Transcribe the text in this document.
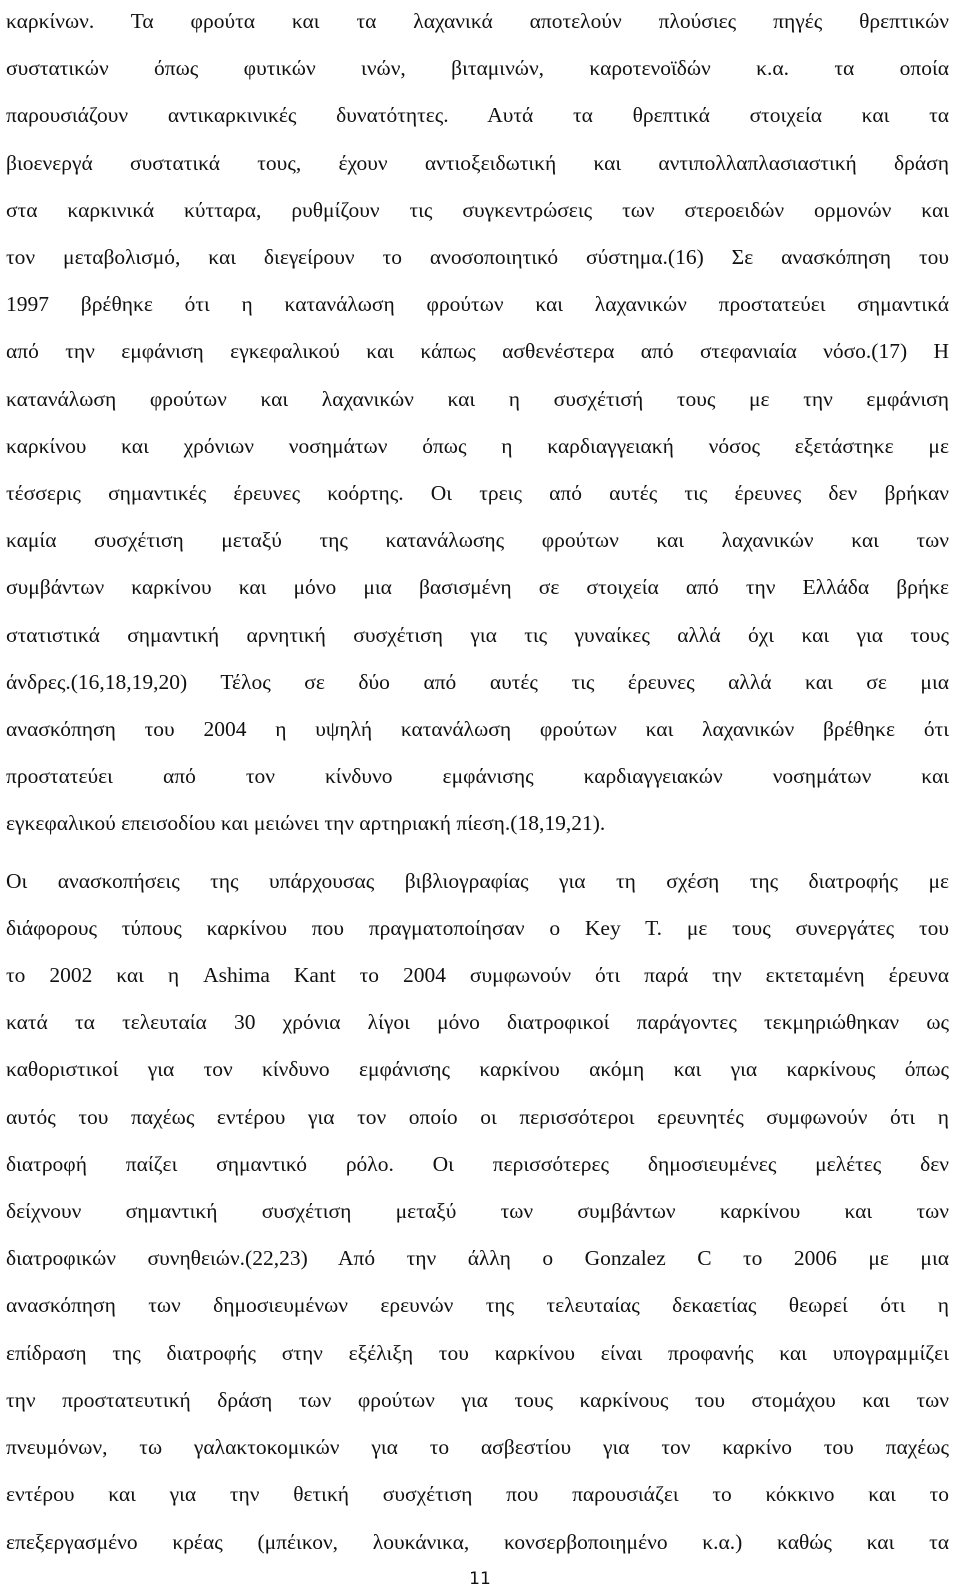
καρκίνων. Τα φρούτα και τα λαχανικά αποτελούν πλούσιες πηγές θρεπτικών
συστατικών όπως φυτικών ινών, βιταμινών, καροτενοϊδών κ.α. τα οποία
παρουσιάζουν αντικαρκινικές δυνατότητες. Αυτά τα θρεπτικά στοιχεία και τα
βιοενεργά συστατικά τους, έχουν αντιοξειδωτική και αντιπολλαπλασιαστική δράση
στα καρκινικά κύτταρα, ρυθμίζουν τις συγκεντρώσεις των στεροειδών ορμονών και
τον μεταβολισμό, και διεγείρουν το ανοσοποιητικό σύστημα.(16) Σε ανασκόπηση του
1997 βρέθηκε ότι η κατανάλωση φρούτων και λαχανικών προστατεύει σημαντικά
από την εμφάνιση εγκεφαλικού και κάπως ασθενέστερα από στεφανιαία νόσο.(17) Η
κατανάλωση φρούτων και λαχανικών και η συσχέτισή τους με την εμφάνιση
καρκίνου και χρόνιων νοσημάτων όπως η καρδιαγγειακή νόσος εξετάστηκε με
τέσσερις σημαντικές έρευνες κοόρτης. Οι τρεις από αυτές τις έρευνες δεν βρήκαν
καμία συσχέτιση μεταξύ της κατανάλωσης φρούτων και λαχανικών και των
συμβάντων καρκίνου και μόνο μια βασισμένη σε στοιχεία από την Ελλάδα βρήκε
στατιστικά σημαντική αρνητική συσχέτιση για τις γυναίκες αλλά όχι και για τους
άνδρες.(16,18,19,20) Τέλος σε δύο από αυτές τις έρευνες αλλά και σε μια
ανασκόπηση του 2004 η υψηλή κατανάλωση φρούτων και λαχανικών βρέθηκε ότι
προστατεύει από τον κίνδυνο εμφάνισης καρδιαγγειακών νοσημάτων και
εγκεφαλικού επεισοδίου και μειώνει την αρτηριακή πίεση.(18,19,21).
Οι ανασκοπήσεις της υπάρχουσας βιβλιογραφίας για τη σχέση της διατροφής με
διάφορους τύπους καρκίνου που πραγματοποίησαν ο Key T. με τους συνεργάτες του
το 2002 και η Ashima Kant το 2004 συμφωνούν ότι παρά την εκτεταμένη έρευνα
κατά τα τελευταία 30 χρόνια λίγοι μόνο διατροφικοί παράγοντες τεκμηριώθηκαν ως
καθοριστικοί για τον κίνδυνο εμφάνισης καρκίνου ακόμη και για καρκίνους όπως
αυτός του παχέως εντέρου για τον οποίο οι περισσότεροι ερευνητές συμφωνούν ότι η
διατροφή παίζει σημαντικό ρόλο. Οι περισσότερες δημοσιευμένες μελέτες δεν
δείχνουν σημαντική συσχέτιση μεταξύ των συμβάντων καρκίνου και των
διατροφικών συνηθειών.(22,23) Από την άλλη ο Gonzalez C το 2006 με μια
ανασκόπηση των δημοσιευμένων ερευνών της τελευταίας δεκαετίας θεωρεί ότι η
επίδραση της διατροφής στην εξέλιξη του καρκίνου είναι προφανής και υπογραμμίζει
την προστατευτική δράση των φρούτων για τους καρκίνους του στομάχου και των
πνευμόνων, τω γαλακτοκομικών για το ασβεστίου για τον καρκίνο του παχέως
εντέρου και για την θετική συσχέτιση που παρουσιάζει το κόκκινο και το
επεξεργασμένο κρέας (μπέικον, λουκάνικα, κονσερβοποιημένο κ.α.) καθώς και τα
11
